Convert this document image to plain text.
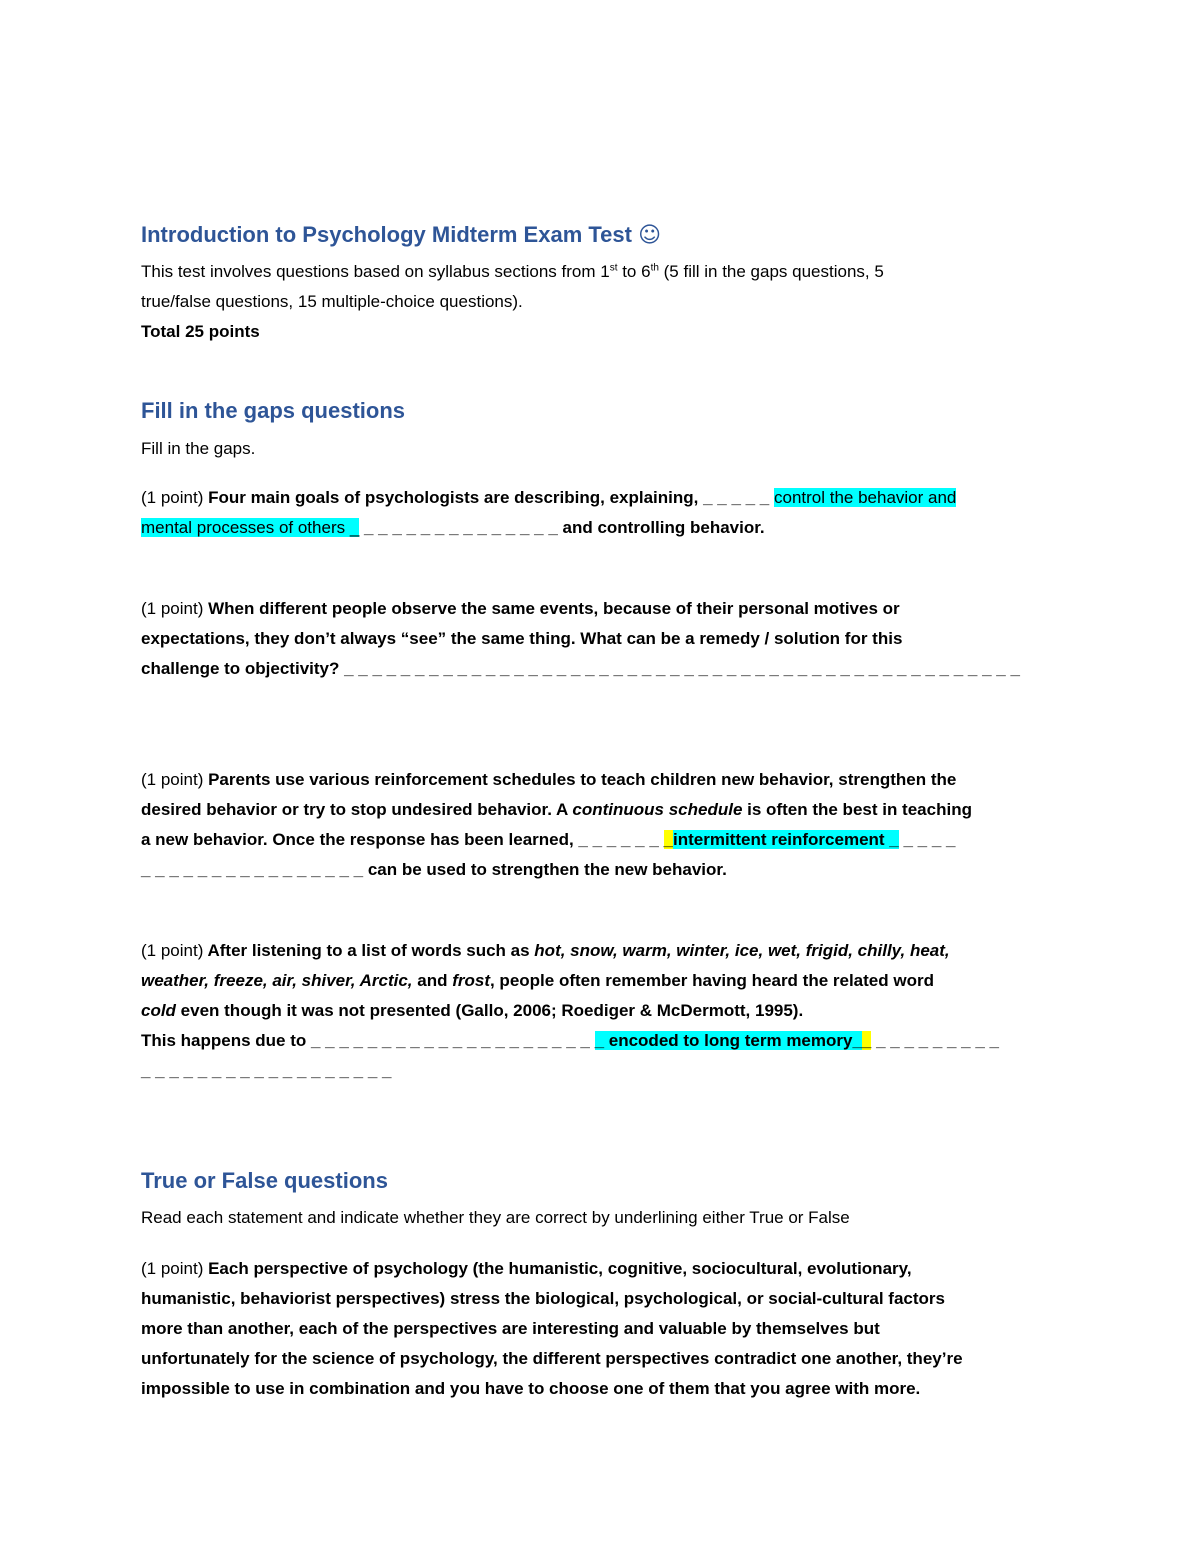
Introduction to Psychology Midterm Exam Test ☺
This test involves questions based on syllabus sections from 1st to 6th (5 fill in the gaps questions, 5
true/false questions, 15 multiple-choice questions).
Total 25 points
Fill in the gaps questions
Fill in the gaps.
(1 point) Four main goals of psychologists are describing, explaining, _ _ _ _ _ control the behavior and
mental processes of others _ _ _ _ _ _ _ _ _ _ _ _ _ _ _ and controlling behavior.
(1 point) When different people observe the same events, because of their personal motives or
expectations, they don’t always “see” the same thing. What can be a remedy / solution for this
challenge to objectivity? _ _ _ _ _ _ _ _ _ _ _ _ _ _ _ _ _ _ _ _ _ _ _ _ _ _ _ _ _ _ _ _ _ _ _ _ _ _ _ _ _ _ _ _ _ _ _ _
(1 point) Parents use various reinforcement schedules to teach children new behavior, strengthen the
desired behavior or try to stop undesired behavior. A continuous schedule is often the best in teaching
a new behavior. Once the response has been learned, _ _ _ _ _ _ _intermittent reinforcement _ _ _ _ _
_ _ _ _ _ _ _ _ _ _ _ _ _ _ _ _ can be used to strengthen the new behavior.
(1 point) After listening to a list of words such as hot, snow, warm, winter, ice, wet, frigid, chilly, heat,
weather, freeze, air, shiver, Arctic, and frost, people often remember having heard the related word
cold even though it was not presented (Gallo, 2006; Roediger & McDermott, 1995).
This happens due to _ _ _ _ _ _ _ _ _ _ _ _ _ _ _ _ _ _ _ _ _ encoded to long term memory__ _ _ _ _ _ _ _ _ _
_ _ _ _ _ _ _ _ _ _ _ _ _ _ _ _ _ _
True or False questions
Read each statement and indicate whether they are correct by underlining either True or False
(1 point) Each perspective of psychology (the humanistic, cognitive, sociocultural, evolutionary,
humanistic, behaviorist perspectives) stress the biological, psychological, or social-cultural factors
more than another, each of the perspectives are interesting and valuable by themselves but
unfortunately for the science of psychology, the different perspectives contradict one another, they’re
impossible to use in combination and you have to choose one of them that you agree with more.
